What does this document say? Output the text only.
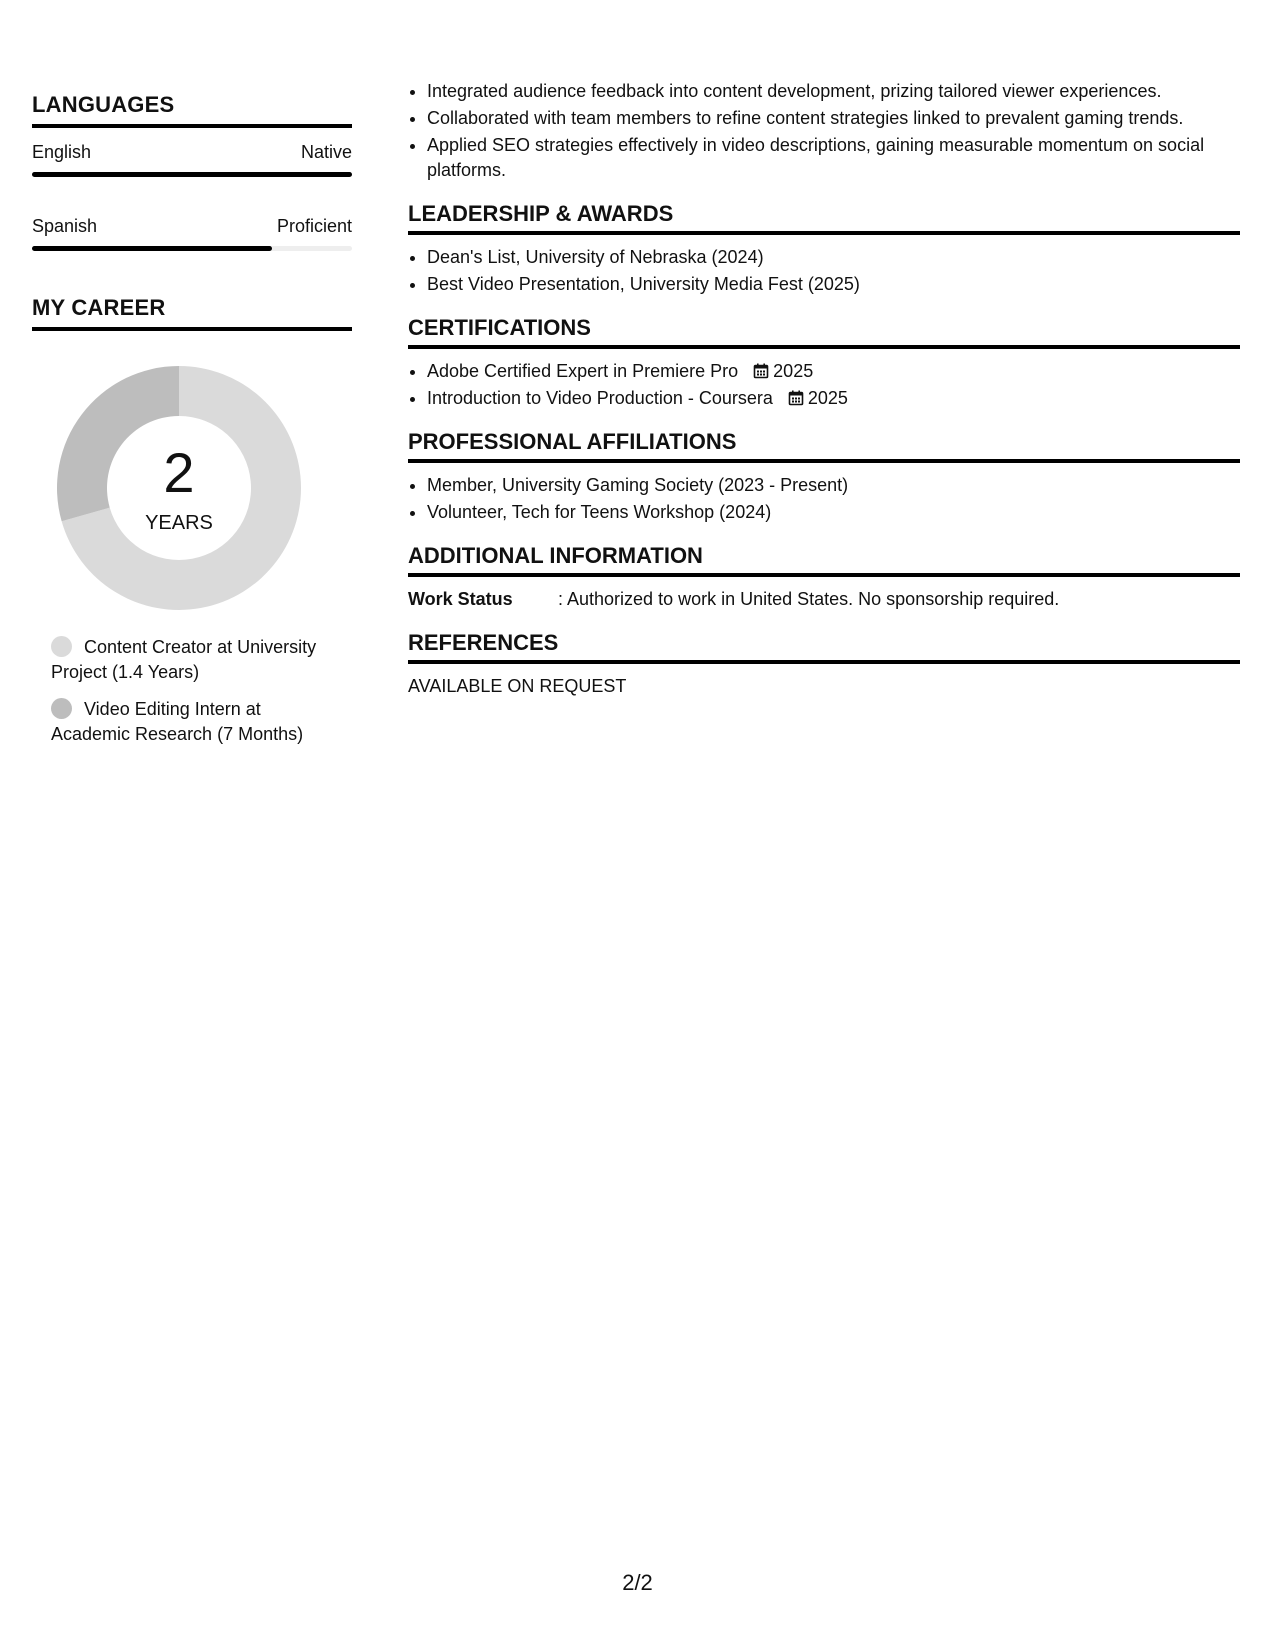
LANGUAGES
English	Native
Spanish	Proficient
MY CAREER
2
YEARS
Content Creator at University Project (1.4 Years)
Video Editing Intern at Academic Research (7 Months)
• Integrated audience feedback into content development, prizing tailored viewer experiences.
• Collaborated with team members to refine content strategies linked to prevalent gaming trends.
• Applied SEO strategies effectively in video descriptions, gaining measurable momentum on social platforms.
LEADERSHIP & AWARDS
• Dean's List, University of Nebraska (2024)
• Best Video Presentation, University Media Fest (2025)
CERTIFICATIONS
• Adobe Certified Expert in Premiere Pro 2025
• Introduction to Video Production - Coursera 2025
PROFESSIONAL AFFILIATIONS
• Member, University Gaming Society (2023 - Present)
• Volunteer, Tech for Teens Workshop (2024)
ADDITIONAL INFORMATION
Work Status	: Authorized to work in United States. No sponsorship required.
REFERENCES
AVAILABLE ON REQUEST
2/2
